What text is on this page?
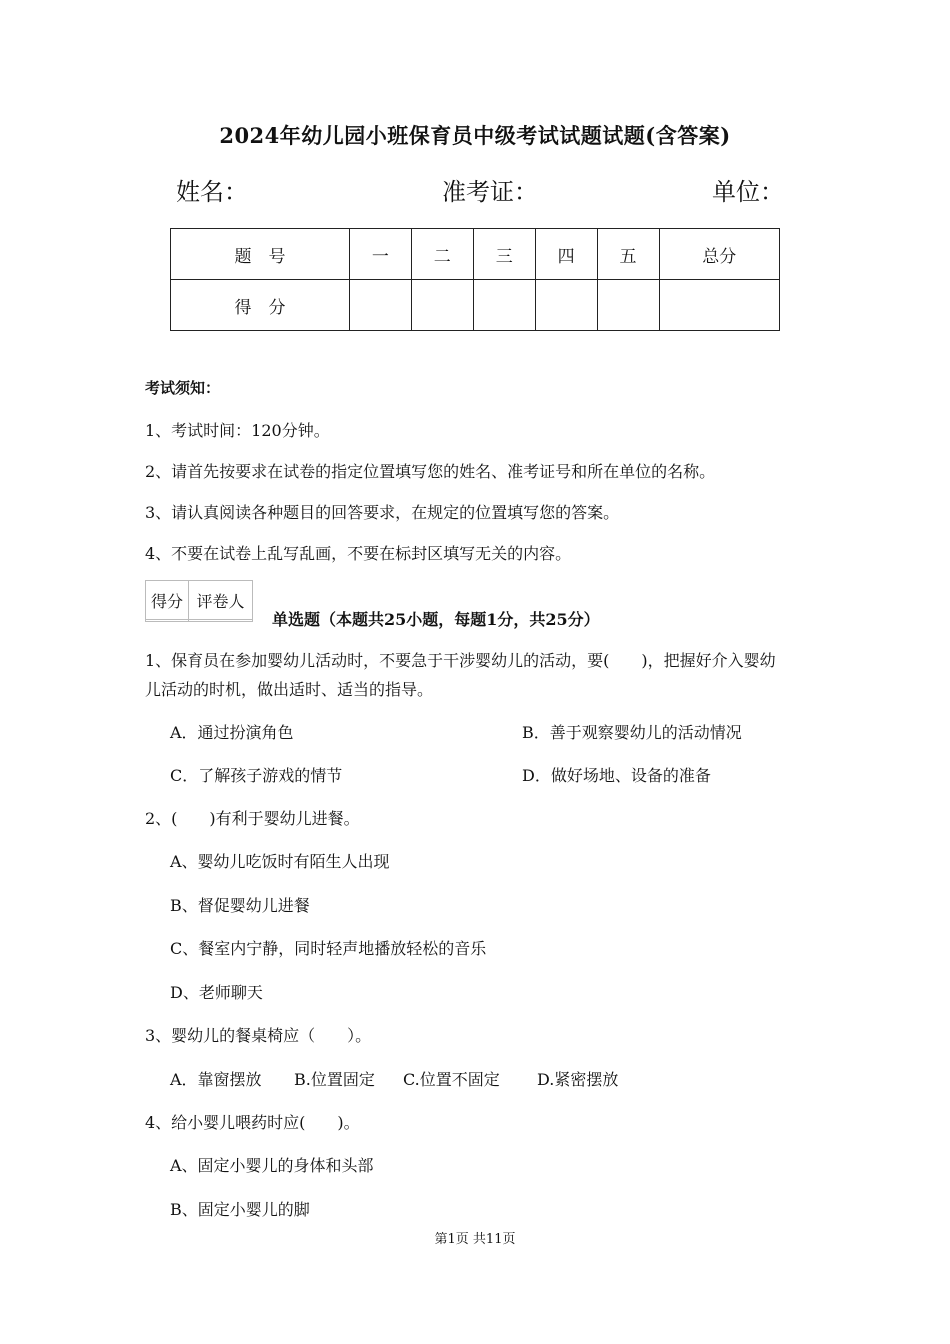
2024年幼儿园小班保育员中级考试试题试题(含答案)
姓名：	准考证：	单位：
题　号	一	二	三	四	五	总分
得　分						
考试须知：
1、考试时间：120分钟。
2、请首先按要求在试卷的指定位置填写您的姓名、准考证号和所在单位的名称。
3、请认真阅读各种题目的回答要求，在规定的位置填写您的答案。
4、不要在试卷上乱写乱画，不要在标封区填写无关的内容。
得分	评卷人

单选题（本题共25小题，每题1分，共25分）
1、保育员在参加婴幼儿活动时，不要急于干涉婴幼儿的活动，要(　　)，把握好介入婴幼
儿活动的时机，做出适时、适当的指导。
A．通过扮演角色	B．善于观察婴幼儿的活动情况
C．了解孩子游戏的情节	D．做好场地、设备的准备
2、(　　)有利于婴幼儿进餐。
A、婴幼儿吃饭时有陌生人出现
B、督促婴幼儿进餐
C、餐室内宁静，同时轻声地播放轻松的音乐
D、老师聊天
3、婴幼儿的餐桌椅应（　　）。
A．靠窗摆放 B.位置固定 C.位置不固定 D.紧密摆放
4、给小婴儿喂药时应(　　)。
A、固定小婴儿的身体和头部
B、固定小婴儿的脚
第1页 共11页
